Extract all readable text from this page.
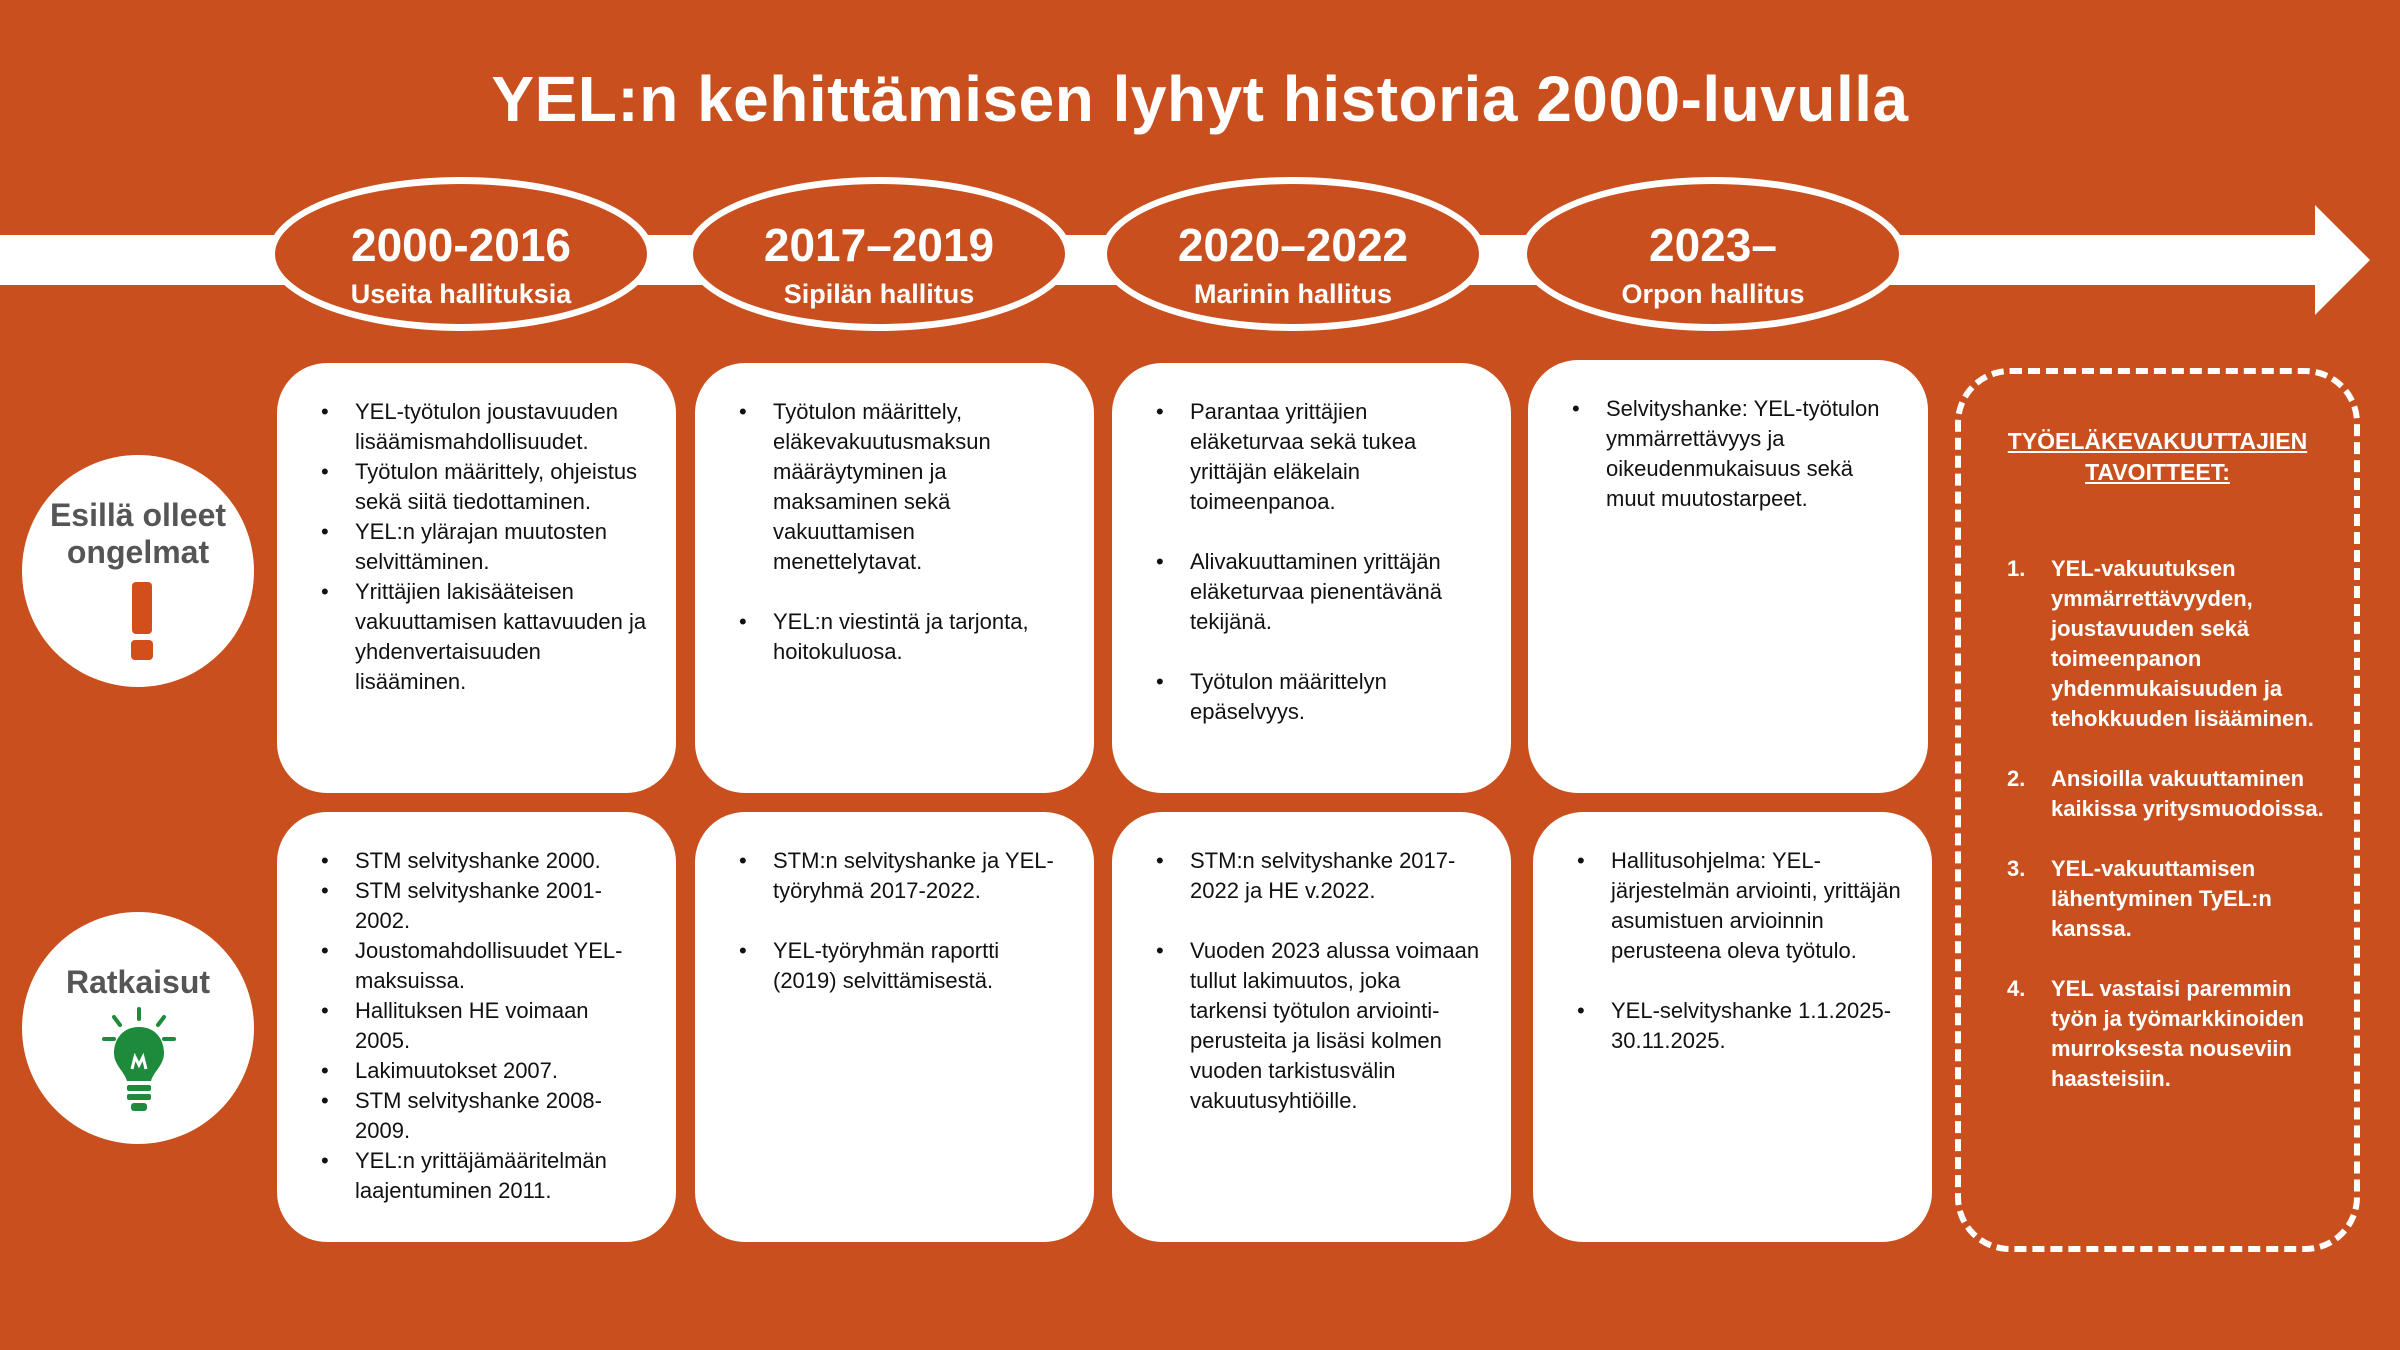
YEL:n kehittämisen lyhyt historia 2000-luvulla
2000-2016
Useita hallituksia
2017–2019
Sipilän hallitus
2020–2022
Marinin hallitus
2023–
Orpon hallitus
Esillä olleet
ongelmat
Ratkaisut
• YEL-työtulon joustavuuden lisäämismahdollisuudet.
• Työtulon määrittely, ohjeistus sekä siitä tiedottaminen.
• YEL:n ylärajan muutosten selvittäminen.
• Yrittäjien lakisääteisen vakuuttamisen kattavuuden ja yhdenvertaisuuden lisääminen.
• Työtulon määrittely, eläkevakuutusmaksun määräytyminen ja maksaminen sekä vakuuttamisen menettelytavat.
• YEL:n viestintä ja tarjonta, hoitokuluosa.
• Parantaa yrittäjien eläketurvaa sekä tukea yrittäjän eläkelain toimeenpanoa.
• Alivakuuttaminen yrittäjän eläketurvaa pienentävänä tekijänä.
• Työtulon määrittelyn epäselvyys.
• Selvityshanke: YEL-työtulon ymmärrettävyys ja oikeudenmukaisuus sekä muut muutostarpeet.
• STM selvityshanke 2000.
• STM selvityshanke 2001-2002.
• Joustomahdollisuudet YEL-maksuissa.
• Hallituksen HE voimaan 2005.
• Lakimuutokset 2007.
• STM selvityshanke 2008-2009.
• YEL:n yrittäjämääritelmän laajentuminen 2011.
• STM:n selvityshanke ja YEL-työryhmä 2017-2022.
• YEL-työryhmän raportti (2019) selvittämisestä.
• STM:n selvityshanke 2017-2022 ja HE v.2022.
• Vuoden 2023 alussa voimaan tullut lakimuutos, joka tarkensi työtulon arviointi-perusteita ja lisäsi kolmen vuoden tarkistusvälin vakuutusyhtiöille.
• Hallitusohjelma: YEL-järjestelmän arviointi, yrittäjän asumistuen arvioinnin perusteena oleva työtulo.
• YEL-selvityshanke 1.1.2025-30.11.2025.
TYÖELÄKEVAKUUTTAJIEN
TAVOITTEET:
1. YEL-vakuutuksen ymmärrettävyyden, joustavuuden sekä toimeenpanon yhdenmukaisuuden ja tehokkuuden lisääminen.
2. Ansioilla vakuuttaminen kaikissa yritysmuodoissa.
3. YEL-vakuuttamisen lähentyminen TyEL:n kanssa.
4. YEL vastaisi paremmin työn ja työmarkkinoiden murroksesta nouseviin haasteisiin.
